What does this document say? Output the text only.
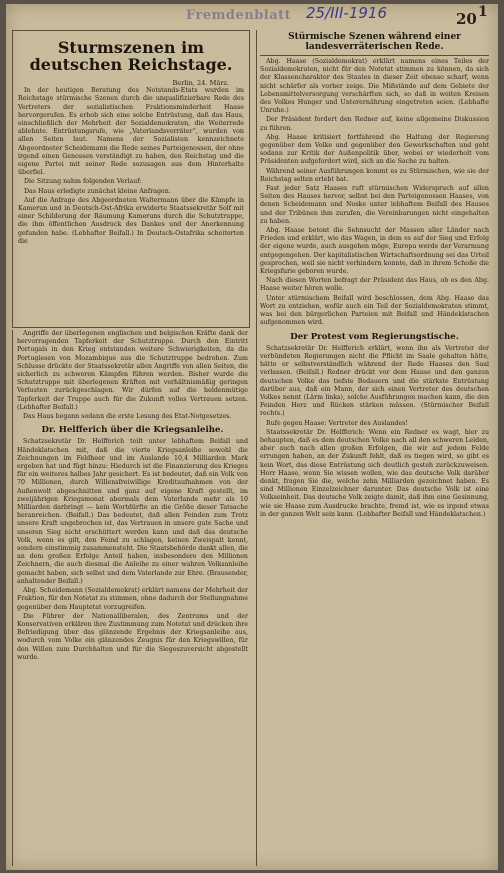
Fremdenblatt 25/III-1916	20 1
Sturmszenen im deutschen Reichstage.
Berlin, 24. März.

In der heutigen Beratung des Notstands-Etats wurden im Reichstage stürmische Szenen durch die unqualifizierbare Rede des Vertreters der sozialistischen Fraktionsminderheit Haase hervorgerufen. Es erhob sich eine solche Entrüstung, daß das Haus, einschließlich der Mehrheit der Sozialdemokraten, die Weiterrede ablehnte. Entrüstungsrufe, wie „Vaterlandsverräter“, wurden von allen Seiten laut. Namens der Sozialisten kennzeichnete Abgeordneter Scheidemann die Rede seines Parteigenossen, der ohne irgend einen Genossen verständigt zu haben, den Reichstag und die eigene Partei mit seiner Rede sozusagen aus dem Hinterhalte überfiel.

Die Sitzung nahm folgenden Verlauf:

Das Haus erledigte zunächst kleine Anfragen.

Auf die Anfrage des Abgeordneten Waltermann über die Kämpfe in Kamerun und in Deutsch-Ost-Afrika erwiderte Staatssekretär Solf mit einer Schilderung der Räumung Kameruns durch die Schutztruppe, die ihm öffentlichen Ausdruck des Dankes und der Anerkennung gefunden habe. (Lebhafter Beifall.) In Deutsch-Ostafrika scheiterten die

Angriffe der überlegenen englischen und belgischen Kräfte dank der hervorragenden Tapferkeit der Schutztruppe. Durch den Eintritt Portugals in den Krieg entstanden weitere Schwierigkeiten, da die Portugiesen von Mozambique aus die Schutztruppe bedrohen. Zum Schlusse drückte der Staatssekretär allen Angriffe von allen Seiten, die sicherlich zu schweren Kämpfen führen werden. Bisher wurde die Schutztruppe mit überlegenen Kräften mit verhältnismäßig geringen Verlusten zurückgeschlagen. Wir dürfen auf die heldenmütige Tapferkeit der Truppe auch für die Zukunft volles Vertrauen setzen. (Lebhafter Beifall.)

Das Haus begann sodann die erste Lesung des Etat-Notgesetzes.

Dr. Helfferich über die Kriegsanleihe.

Schatzsekretär Dr. Helfferich teilt unter lebhaftem Beifall und Händeklatschen mit, daß die vierte Kriegsanleihe sowohl die Zeichnungen im Feldheer und im Auslande 10,4 Milliarden Mark ergeben hat und fügt hinzu: Hiedurch ist die Finanzierung des Krieges für ein weiteres halbes Jahr gesichert. Es ist bedeutet, daß ein Volk von 70 Millionen, durch Willensfreiwillige Kreditaufnahmen von der Außenwelt abgeschnitten und ganz auf eigene Kraft gestellt, im zweijährigen Kriegsmonat abermals dem Vaterlande mehr als 10 Milliarden darbringt — kein Wortdürfte an die Größe dieser Tatsache heranreichen. (Beifall.) Das bedeutet, daß allen Feinden zum Trotz unsere Kraft ungebrochen ist, das Vertrauen in unsere gute Sache und unseren Sieg nicht erschüttert werden kann und daß das deutsche Volk, wenn es gilt, den Feind zu schlagen, keinen Zweispalt kennt, sondern einstimmig zusammensteht. Die Staatsbehörde dankt allen, die an dem großen Erfolge Anteil haben, insbesondere den Millionen Zeichnern, die auch diesmal die Anleihe zu einer wahren Volksanleihe gemacht haben, sich selbst und dem Vaterlande zur Ehre. (Brausender, anhaltender Beifall.)

Abg. Scheidemann (Sozialdemokrat) erklärt namens der Mehrheit der Fraktion, für den Notetat zu stimmen, ohne dadurch der Stellungnahme gegenüber dem Hauptetat vorzugreifen.

Die Führer der Nationalliberalen, des Zentrums und der Konservativen erklären ihre Zustimmung zum Notetat und drücken ihre Befriedigung über das glänzende Ergebnis der Kriegsanleihe aus, wodurch vom Volke ein glänzendes Zeugnis für den Kriegswillen, für den Willen zum Durchhalten und für die Siegeszuversicht abgestellt wurde.

Stürmische Szenen während einer landesverräterischen Rede.

Abg. Haase (Sozialdemokrat) erklärt namens eines Teiles der Sozialdemokraten, nicht für den Notetat stimmen zu können, da sich der Klassencharakter des Staates in dieser Zeit ebenso scharf, wenn nicht schärfer als vorher zeige. Die Mißstände auf dem Gebiete der Lebensmittelversorgung verschärften sich, so daß in weiten Kreisen des Volkes Hunger und Unterernährung eingetreten seien. (Lebhafte Unruhe.)

Der Präsident fordert den Redner auf, keine allgemeine Diskussion zu führen.

Abg. Haase kritisiert fortfahrend die Haltung der Regierung gegenüber dem Volke und gegenüber den Gewerkschaften und geht sodann zur Kritik der Außenpolitik über, wobei er wiederholt vom Präsidenten aufgefordert wird, sich an die Sache zu halten.

Während seiner Ausführungen kommt es zu Stürmischen, wie sie der Reichstag selten erlebt hat.

Fast jeder Satz Haases ruft stürmischen Widerspruch auf allen Seiten des Hauses hervor, selbst bei den Parteigenossen Haases, von denen Scheidemann und Noske unter lebhaftem Beifall des Hauses und der Tribünen ihm zurufen, die Vereinbarungen nicht eingehalten zu haben.

Abg. Haase betont die Sehnsucht der Massen aller Länder nach Frieden und erklärt, wie das Wagen, in dem es auf der Sieg und Erfolg der eigene wurde, auch ausgehen möge, Europa werde der Verarmung entgegengehen. Der kapitalistischen Wirtschaftsordnung sei das Urteil gesprochen, weil sie nicht verhindern konnte, daß in ihrem Schoße die Kriegsfurie geboren wurde.

Nach diesen Worten befragt der Präsident das Haus, ob es den Abg. Haase weiter hören wolle.

Unter stürmischem Beifall wird beschlossen, dem Abg. Haase das Wort zu entziehen, wofür auch ein Teil der Sozialdemokraten stimmt, was bei den bürgerlichen Parteien mit Beifall und Händeklatschen aufgenommen wird.

Der Protest vom Regierungstische.

Schatzsekretär Dr. Helfferich erklärt, wenn ihn als Vertreter der verbündeten Regierungen nicht die Pflicht im Saale gehalten hätte, hätte er selbstverständlich während der Rede Haases den Saal verlassen. (Beifall.) Redner drückt vor dem Hause und den ganzen deutschen Volke das tiefste Bedauern und die stärkste Entrüstung darüber aus, daß ein Mann, der sich einen Vertreter des deutschen Volkes nennt (Lärm links), solche Ausführungen machen kann, die den Feinden Herz und Rücken stärken müssen. (Stürmischer Beifall rechts.)

Rufe gegen Haase: Vertreter des Auslandes!

Staatssekretär Dr. Helfferich: Wenn ein Redner es wagt, hier zu behaupten, daß es dem deutschen Volke nach all den schweren Leiden, aber auch nach allen großen Erfolgen, die wir auf jedem Felde errungen haben, an der Zukunft fehlt, daß es tiegen wird, so gibt es kein Wort, das diese Entrüstung sich deutlich gesteh zurückzuweisen. Herr Haase, wenn Sie wissen wollen, wie das deutsche Volk darüber denkt, fragen Sie die, welche zehn Milliarden gezeichnet haben. Es sind Millionen Einzelzeichner darunter. Das deutsche Volk ist eine Volkseinheit. Das deutsche Volk zeigte damit, daß ihm eine Gesinnung, wie sie Haase zum Ausdrucke brachte, fremd ist, wie es irgend etwas in der ganzen Welt sein kann. (Lebhafter Beifall und Händeklatschen.)
